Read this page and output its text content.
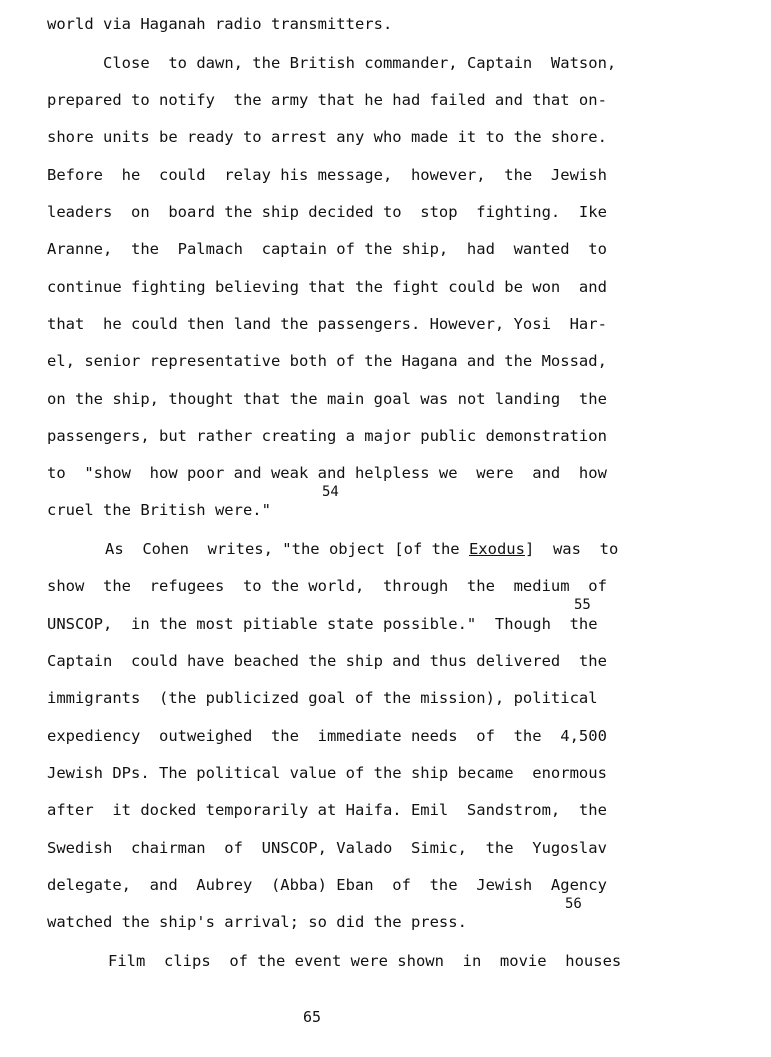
world via Haganah radio transmitters.
Close  to dawn, the British commander, Captain  Watson,
prepared to notify  the army that he had failed and that on-
shore units be ready to arrest any who made it to the shore.
Before  he  could  relay his message,  however,  the  Jewish
leaders  on  board the ship decided to  stop  fighting.  Ike
Aranne,  the  Palmach  captain of the ship,  had  wanted  to
continue fighting believing that the fight could be won  and
that  he could then land the passengers. However, Yosi  Har-
el, senior representative both of the Hagana and the Mossad,
on the ship, thought that the main goal was not landing  the
passengers, but rather creating a major public demonstration
to  "show  how poor and weak and helpless we  were  and  how
54
cruel the British were."
As  Cohen  writes, "the object [of the Exodus]  was  to
show  the  refugees  to the world,  through  the  medium  of
55
UNSCOP,  in the most pitiable state possible."  Though  the
Captain  could have beached the ship and thus delivered  the
immigrants  (the publicized goal of the mission), political
expediency  outweighed  the  immediate needs  of  the  4,500
Jewish DPs. The political value of the ship became  enormous
after  it docked temporarily at Haifa. Emil  Sandstrom,  the
Swedish  chairman  of  UNSCOP, Valado  Simic,  the  Yugoslav
delegate,  and  Aubrey  (Abba) Eban  of  the  Jewish  Agency
56
watched the ship's arrival; so did the press.
Film  clips  of the event were shown  in  movie  houses
65
